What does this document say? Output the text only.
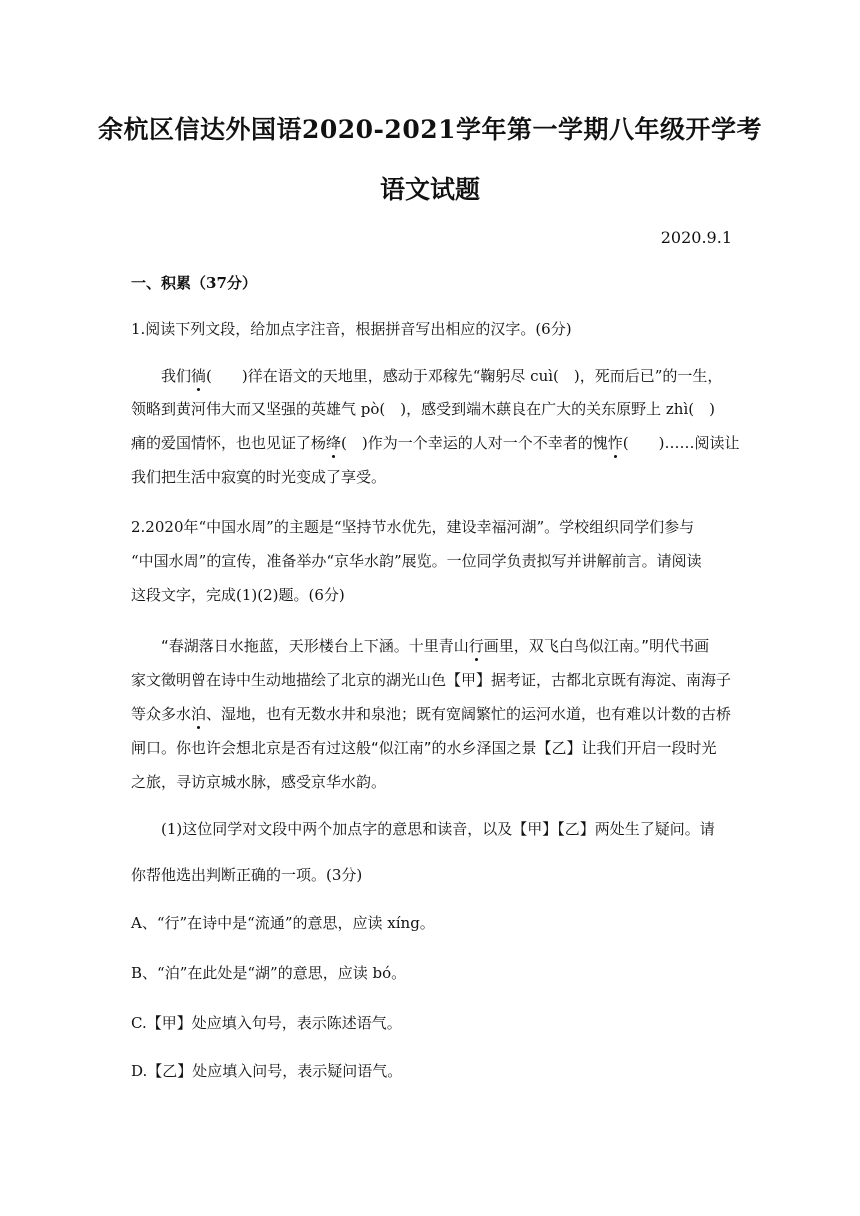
余杭区信达外国语2020-2021学年第一学期八年级开学考
语文试题
2020.9.1
一、积累（37分）
1.阅读下列文段，给加点字注音，根据拼音写出相应的汉字。(6分)
我们徜(　　)徉在语文的天地里，感动于邓稼先“鞠躬尽 cuì(　)，死而后已”的一生，
领略到黄河伟大而又坚强的英雄气 pò(　)，感受到端木蕻良在广大的关东原野上 zhì(　)
痛的爱国情怀，也也见证了杨绛(　)作为一个幸运的人对一个不幸者的愧怍(　　)……阅读让
我们把生活中寂寞的时光变成了享受。
2.2020年“中国水周”的主题是“坚持节水优先，建设幸福河湖”。学校组织同学们参与
“中国水周”的宣传，准备举办“京华水韵”展览。一位同学负责拟写并讲解前言。请阅读
这段文字，完成(1)(2)题。(6分)
“春湖落日水拖蓝，天形楼台上下涵。十里青山行画里，双飞白鸟似江南。”明代书画
家文徵明曾在诗中生动地描绘了北京的湖光山色【甲】据考证，古都北京既有海淀、南海子
等众多水泊、湿地，也有无数水井和泉池；既有宽阔繁忙的运河水道，也有难以计数的古桥
闸口。你也许会想北京是否有过这般“似江南”的水乡泽国之景【乙】让我们开启一段时光
之旅，寻访京城水脉，感受京华水韵。
(1)这位同学对文段中两个加点字的意思和读音，以及【甲】【乙】两处生了疑问。请
你帮他选出判断正确的一项。(3分)
A、“行”在诗中是“流通”的意思，应读 xíng。
B、“泊”在此处是“湖”的意思，应读 bó。
C.【甲】处应填入句号，表示陈述语气。
D.【乙】处应填入问号，表示疑问语气。
